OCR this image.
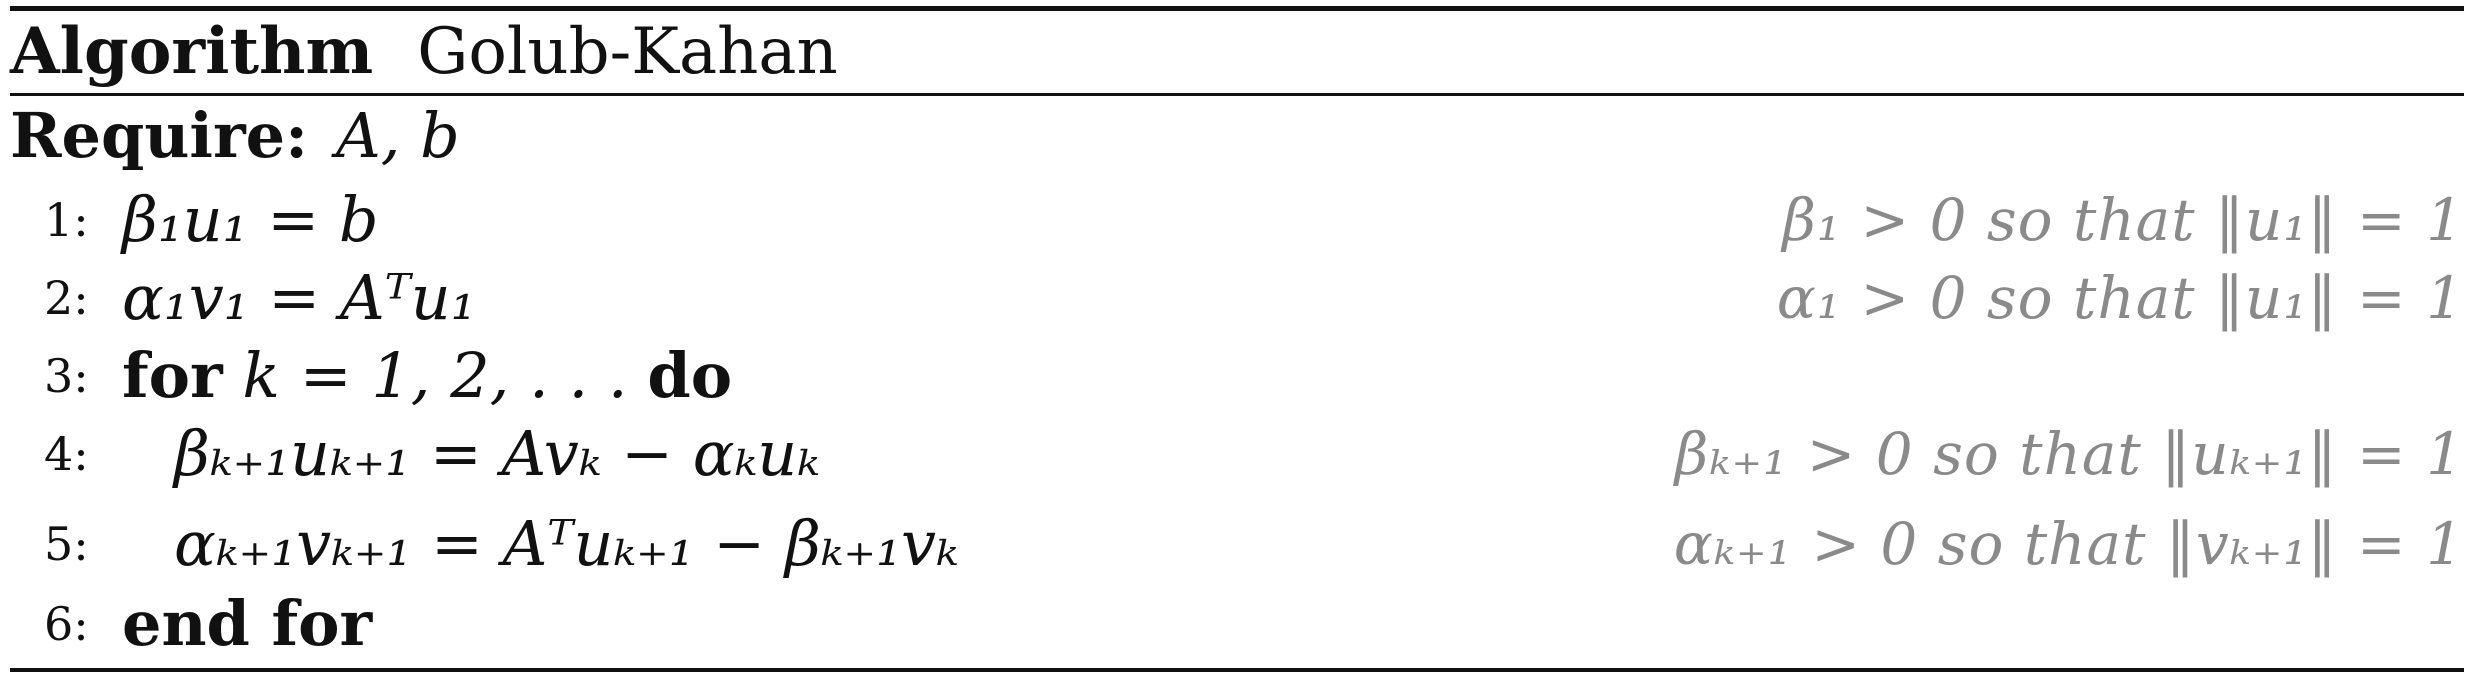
Algorithm Golub-Kahan
Require: A, b
1: β₁u₁ = b	β₁ > 0 so that ‖u₁‖ = 1
2: α₁v₁ = Aᵀu₁	α₁ > 0 so that ‖u₁‖ = 1
3: for k = 1, 2, . . . do
4:	βₖ₊₁uₖ₊₁ = Avₖ − αₖuₖ	βₖ₊₁ > 0 so that ‖uₖ₊₁‖ = 1
5:	αₖ₊₁vₖ₊₁ = Aᵀuₖ₊₁ − βₖ₊₁vₖ	αₖ₊₁ > 0 so that ‖vₖ₊₁‖ = 1
6: end for
